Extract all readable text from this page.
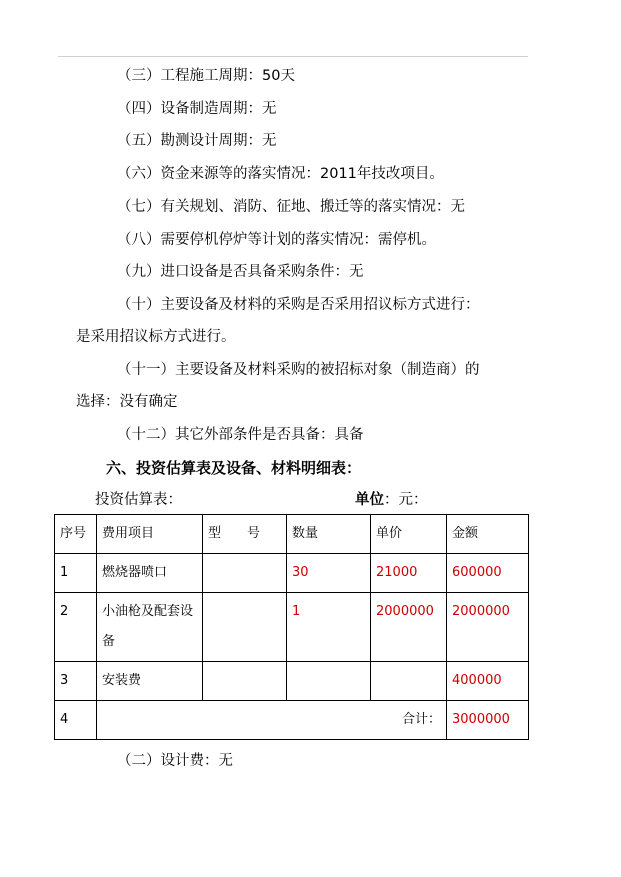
（三）工程施工周期：50天
（四）设备制造周期：无
（五）勘测设计周期：无
（六）资金来源等的落实情况：2011年技改项目。
（七）有关规划、消防、征地、搬迁等的落实情况：无
（八）需要停机停炉等计划的落实情况：需停机。
（九）进口设备是否具备采购条件：无
（十）主要设备及材料的采购是否采用招议标方式进行：
是采用招议标方式进行。
（十一）主要设备及材料采购的被招标对象（制造商）的
选择：没有确定
（十二）其它外部条件是否具备：具备
六、投资估算表及设备、材料明细表：
投资估算表：	单位：元：
序号	费用项目	型　　号	数量	单价	金额
1	燃烧器喷口		30	21000	600000
2	小油枪及配套设备		1	2000000	2000000
3	安装费				400000
4	合计：				3000000
（二）设计费：无
